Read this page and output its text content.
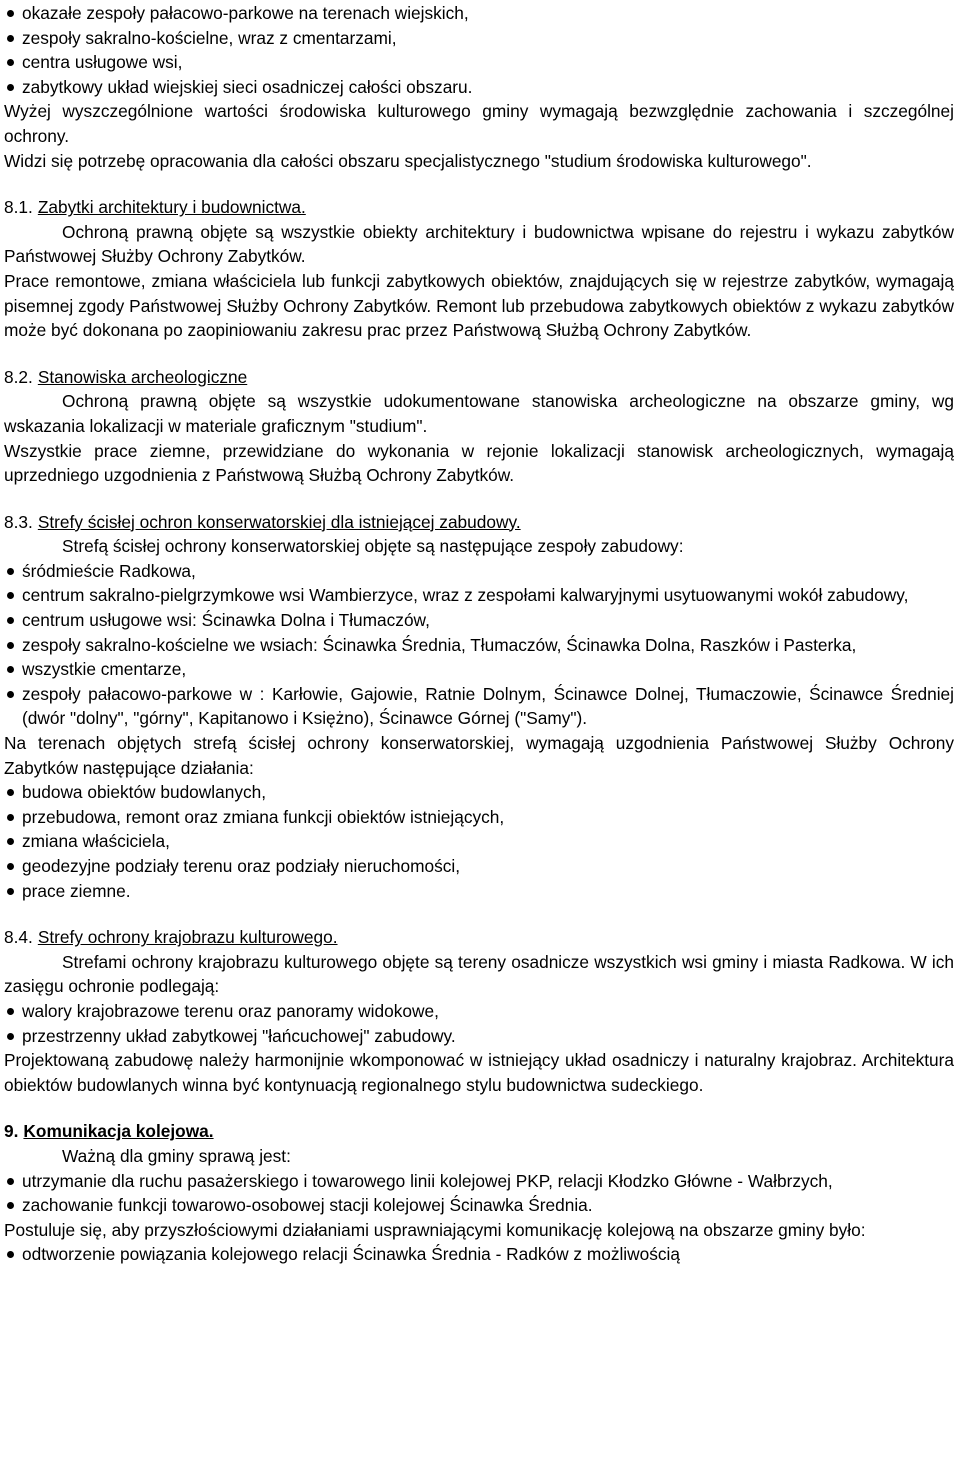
okazałe zespoły pałacowo-parkowe na terenach wiejskich,
zespoły sakralno-kościelne, wraz z cmentarzami,
centra usługowe wsi,
zabytkowy układ wiejskiej sieci osadniczej całości obszaru.

Wyżej wyszczególnione wartości środowiska kulturowego gminy wymagają bezwzględnie zachowania i szczególnej ochrony.

Widzi się potrzebę opracowania dla całości obszaru specjalistycznego "studium środowiska kulturowego".

8.1. Zabytki architektury i budownictwa.

Ochroną prawną objęte są wszystkie obiekty architektury i budownictwa wpisane do rejestru i wykazu zabytków Państwowej Służby Ochrony Zabytków.

Prace remontowe, zmiana właściciela lub funkcji zabytkowych obiektów, znajdujących się w rejestrze zabytków, wymagają pisemnej zgody Państwowej Służby Ochrony Zabytków. Remont lub przebudowa zabytkowych obiektów z wykazu zabytków może być dokonana po zaopiniowaniu zakresu prac przez Państwową Służbą Ochrony Zabytków.

8.2. Stanowiska archeologiczne

Ochroną prawną objęte są wszystkie udokumentowane stanowiska archeologiczne na obszarze gminy, wg wskazania lokalizacji w materiale graficznym "studium".

Wszystkie prace ziemne, przewidziane do wykonania w rejonie lokalizacji stanowisk archeologicznych, wymagają uprzedniego uzgodnienia z Państwową Służbą Ochrony Zabytków.

8.3. Strefy ścisłej ochron konserwatorskiej dla istniejącej zabudowy.

Strefą ścisłej ochrony konserwatorskiej objęte są następujące zespoły zabudowy:

śródmieście Radkowa,
centrum sakralno-pielgrzymkowe wsi Wambierzyce, wraz z zespołami kalwaryjnymi usytuowanymi wokół zabudowy,
centrum usługowe wsi: Ścinawka Dolna i Tłumaczów,
zespoły sakralno-kościelne we wsiach: Ścinawka Średnia, Tłumaczów, Ścinawka Dolna, Raszków i Pasterka,
wszystkie cmentarze,
zespoły pałacowo-parkowe w : Karłowie, Gajowie, Ratnie Dolnym, Ścinawce Dolnej, Tłumaczowie, Ścinawce Średniej (dwór "dolny", "górny", Kapitanowo i Księżno), Ścinawce Górnej ("Samy").

Na terenach objętych strefą ścisłej ochrony konserwatorskiej, wymagają uzgodnienia Państwowej Służby Ochrony Zabytków następujące działania:

budowa obiektów budowlanych,
przebudowa, remont oraz zmiana funkcji obiektów istniejących,
zmiana właściciela,
geodezyjne podziały terenu oraz podziały nieruchomości,
prace ziemne.

8.4. Strefy ochrony krajobrazu kulturowego.

Strefami ochrony krajobrazu kulturowego objęte są tereny osadnicze wszystkich wsi gminy i miasta Radkowa. W ich zasięgu ochronie podlegają:

walory krajobrazowe terenu oraz panoramy widokowe,
przestrzenny układ zabytkowej "łańcuchowej" zabudowy.

Projektowaną zabudowę należy harmonijnie wkomponować w istniejący układ osadniczy i naturalny krajobraz. Architektura obiektów budowlanych winna być kontynuacją regionalnego stylu budownictwa sudeckiego.

9. Komunikacja kolejowa.

Ważną dla gminy sprawą jest:

utrzymanie dla ruchu pasażerskiego i towarowego linii kolejowej PKP, relacji Kłodzko Główne - Wałbrzych,
zachowanie funkcji towarowo-osobowej stacji kolejowej Ścinawka Średnia.

Postuluje się, aby przyszłościowymi działaniami usprawniającymi komunikację kolejową na obszarze gminy było:

odtworzenie powiązania kolejowego relacji Ścinawka Średnia - Radków z możliwością
